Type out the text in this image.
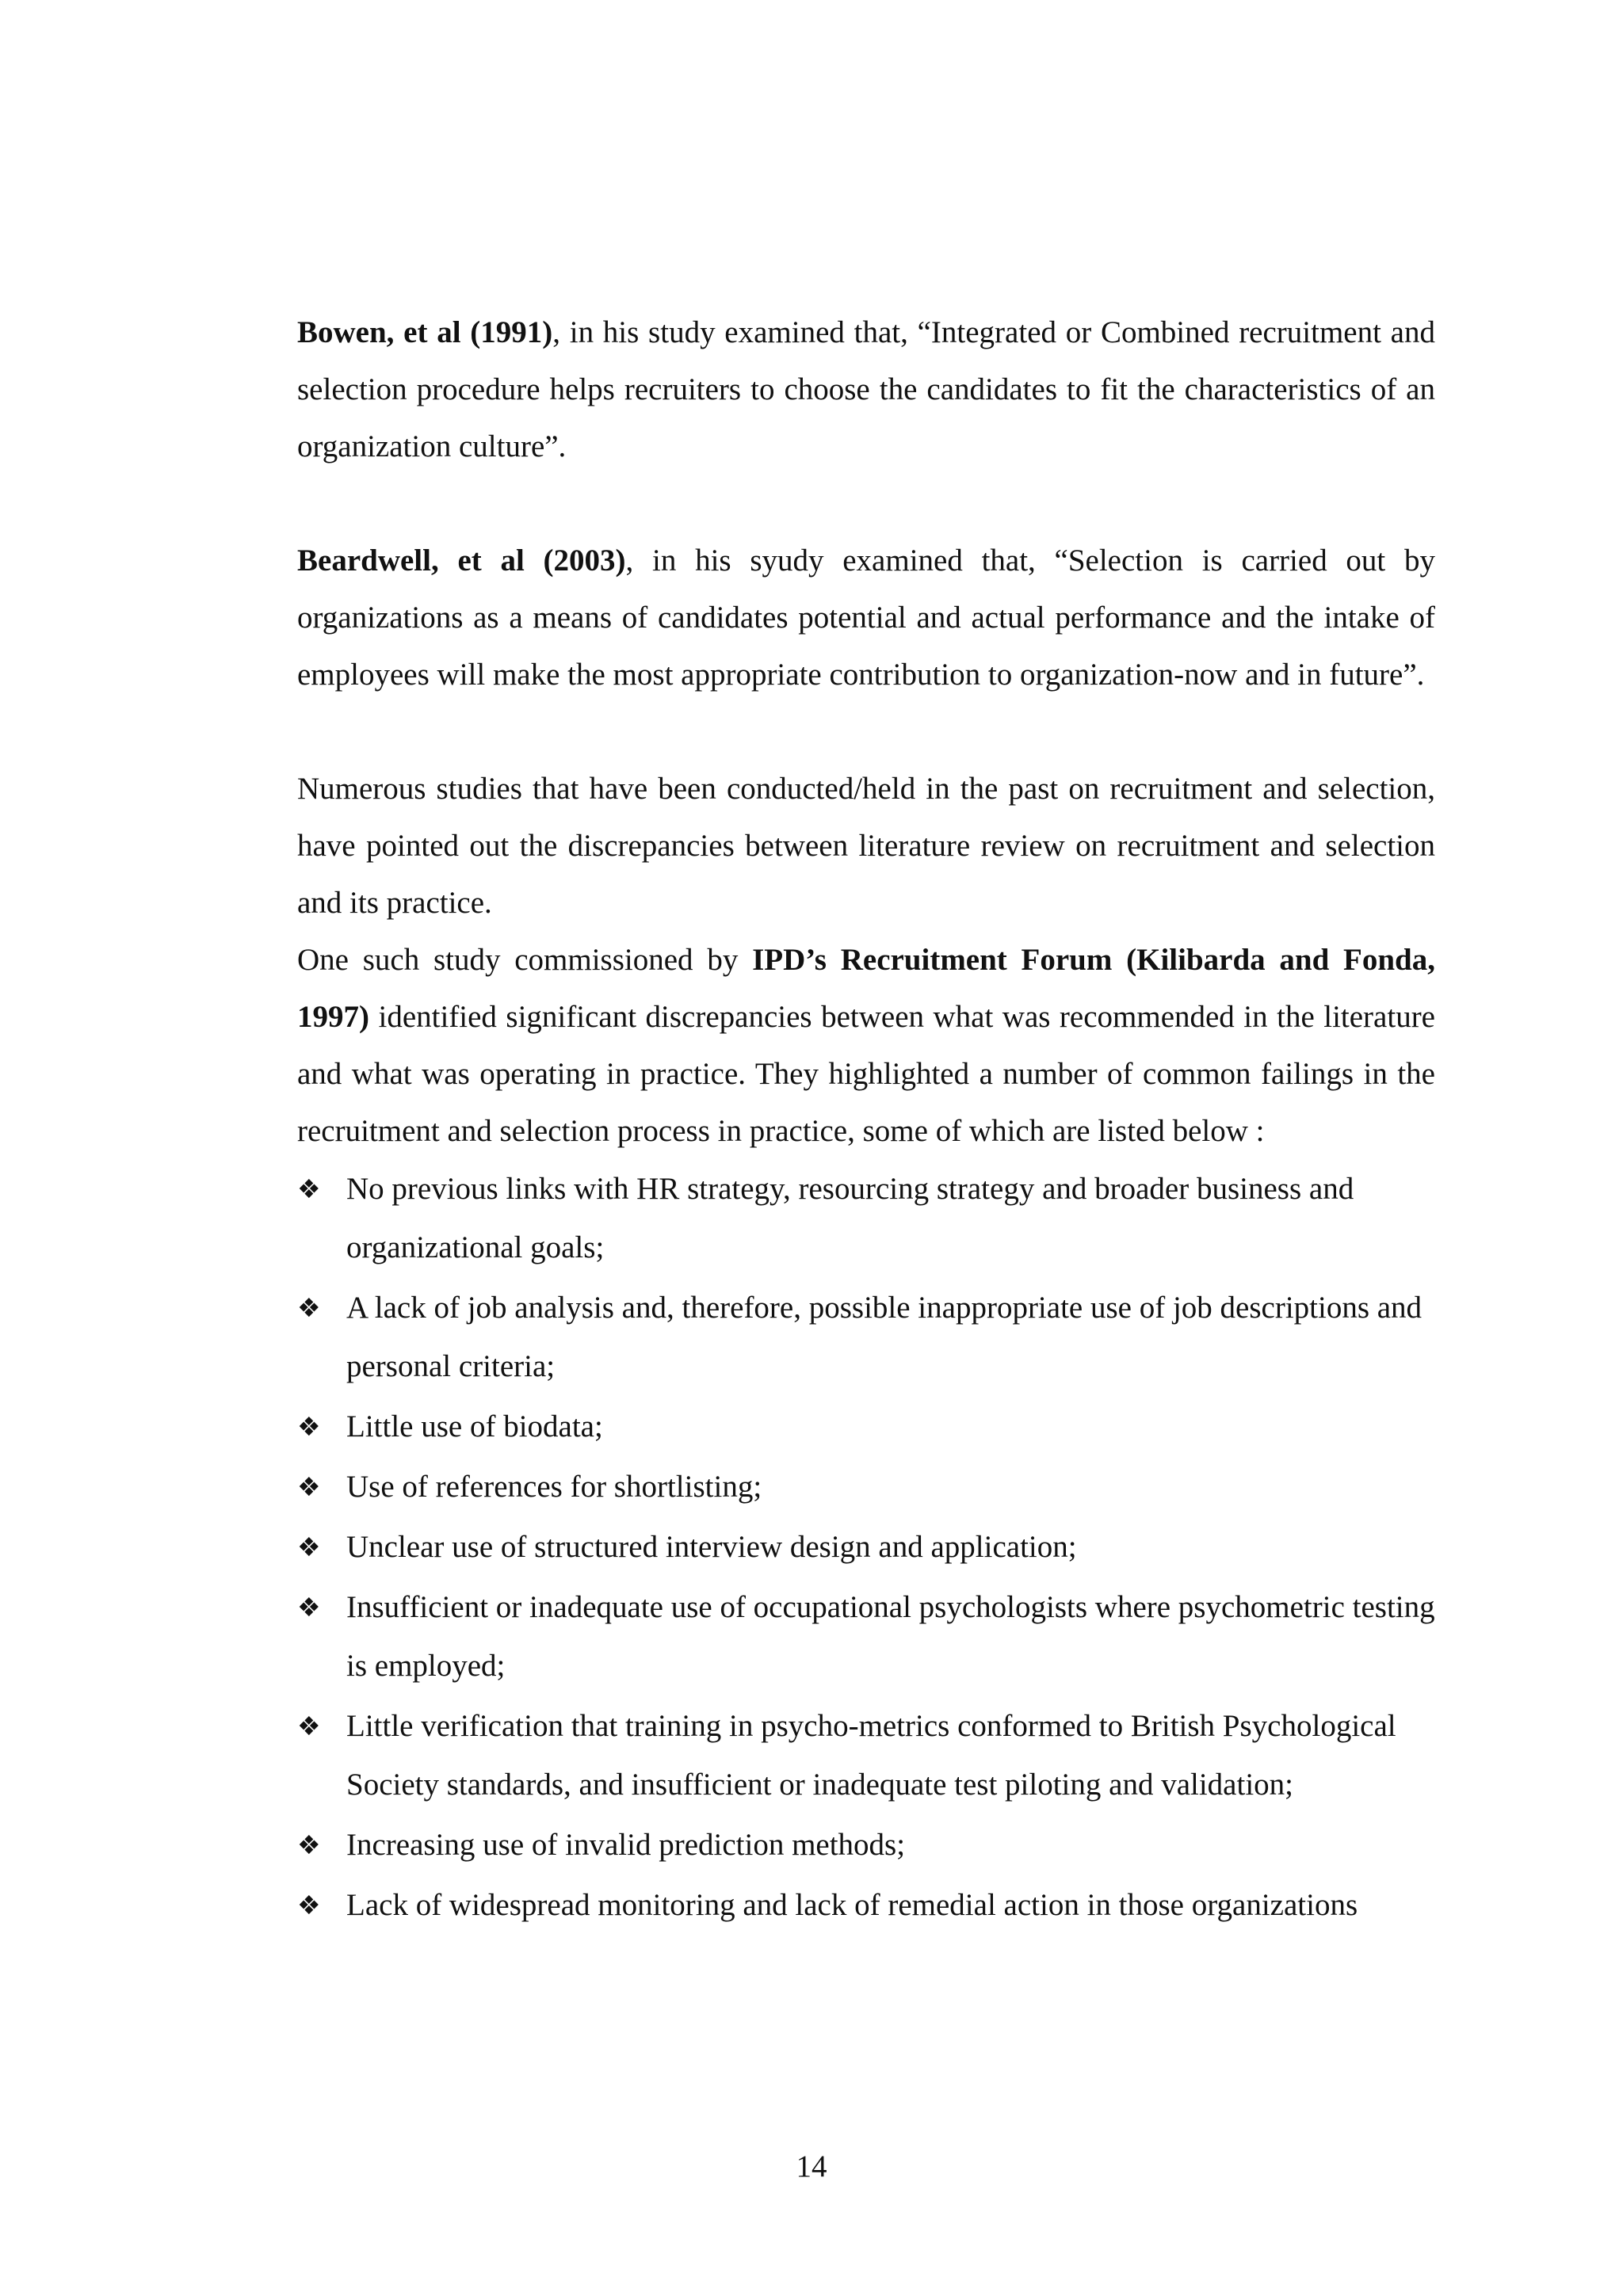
Bowen, et al (1991), in his study examined that, “Integrated or Combined recruitment and selection procedure helps recruiters to choose the candidates to fit the characteristics of an organization culture”.

Beardwell, et al (2003), in his syudy examined that, “Selection is carried out by organizations as a means of candidates potential and actual performance and the intake of employees will make the most appropriate contribution to organization-now and in future”.

Numerous studies that have been conducted/held in the past on recruitment and selection, have pointed out the discrepancies between literature review on recruitment and selection and its practice.

One such study commissioned by IPD’s Recruitment Forum (Kilibarda and Fonda, 1997) identified significant discrepancies between what was recommended in the literature and what was operating in practice. They highlighted a number of common failings in the recruitment and selection process in practice, some of which are listed below :

❖ No previous links with HR strategy, resourcing strategy and broader business and organizational goals;
❖ A lack of job analysis and, therefore, possible inappropriate use of job descriptions and personal criteria;
❖ Little use of biodata;
❖ Use of references for shortlisting;
❖ Unclear use of structured interview design and application;
❖ Insufficient or inadequate use of occupational psychologists where psychometric testing is employed;
❖ Little verification that training in psycho-metrics conformed to British Psychological Society standards, and insufficient or inadequate test piloting and validation;
❖ Increasing use of invalid prediction methods;
❖ Lack of widespread monitoring and lack of remedial action in those organizations
14
